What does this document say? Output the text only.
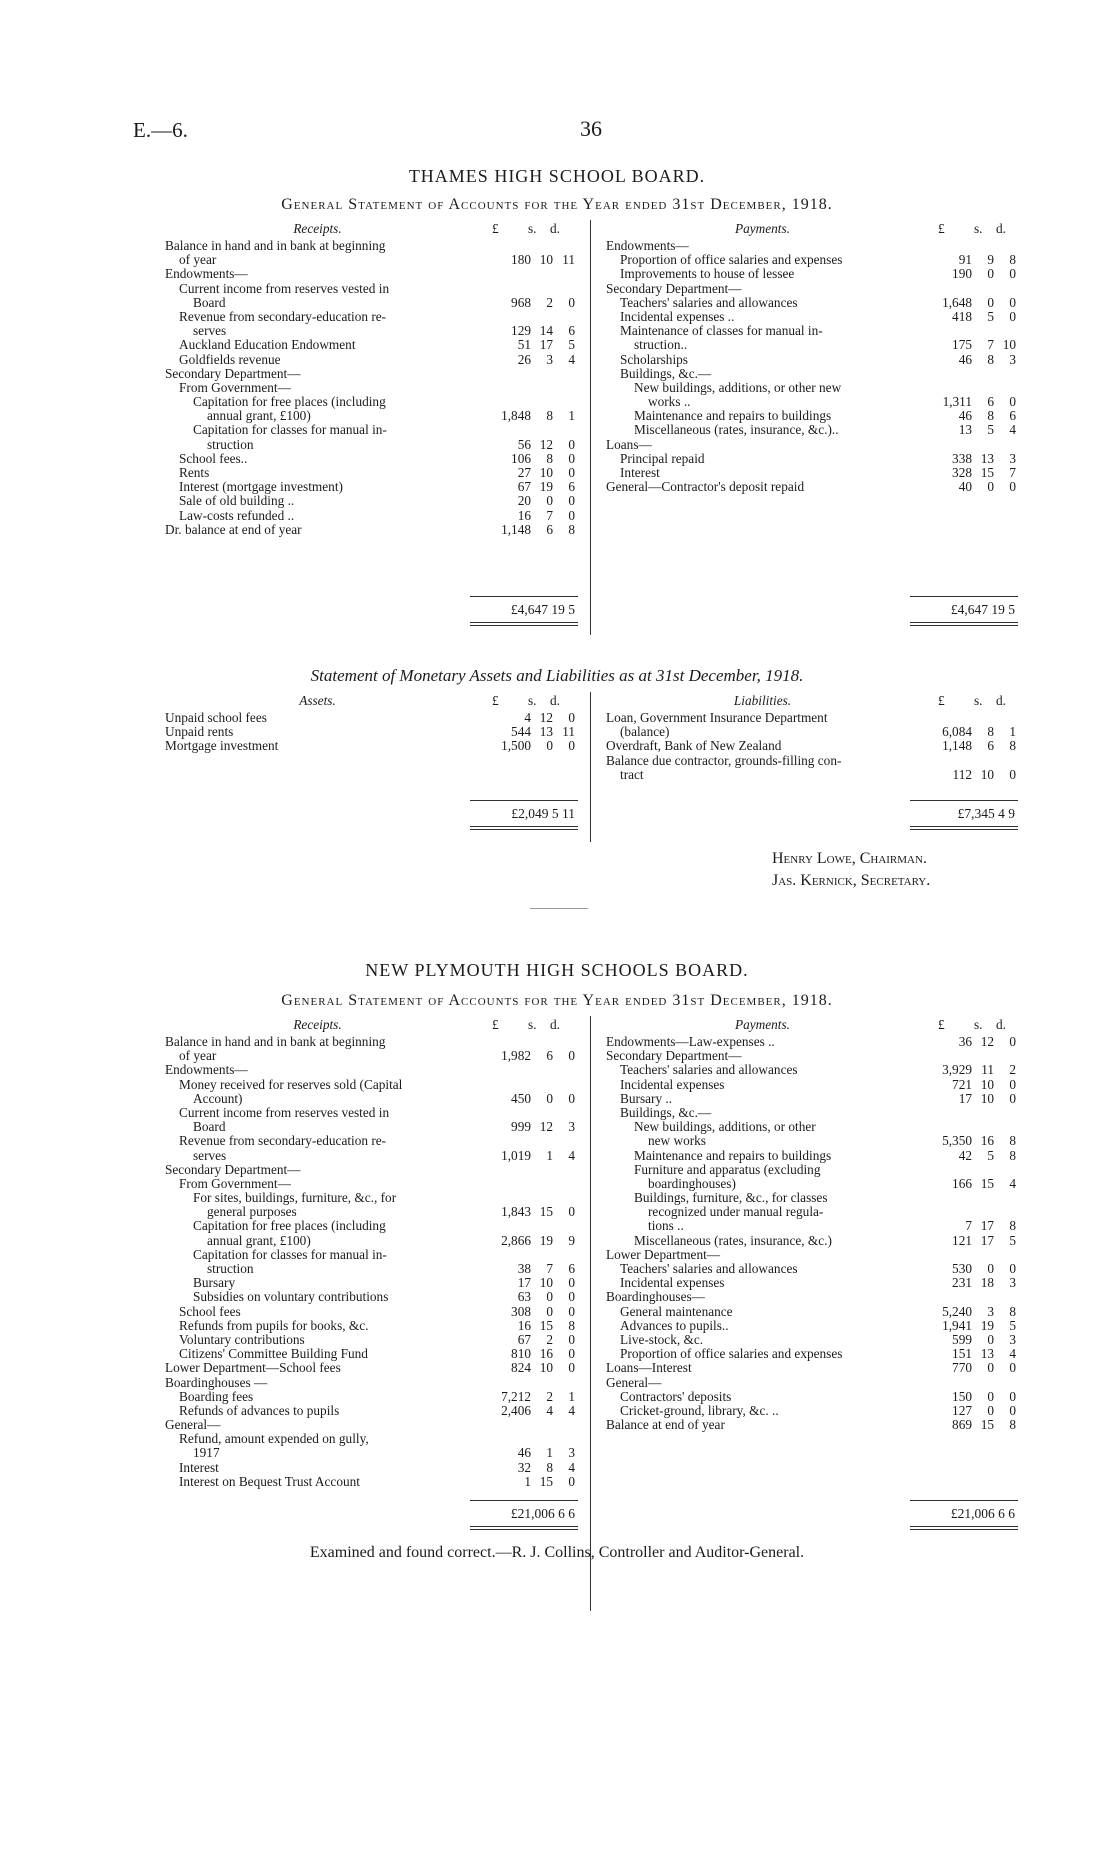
E.—6.	36
THAMES HIGH SCHOOL BOARD.
General Statement of Accounts for the Year ended 31st December, 1918.
Receipts.	£ s. d.	Payments.	£ s. d.
Balance in hand and in bank at beginning
of year	180 10 11
Endowments—
Current income from reserves vested in
Board	968	2	0
Revenue from secondary-education re-
serves	129 14	6
Auckland Education Endowment	51 17	5
Goldfields revenue	26	3	4
Secondary Department—
From Government—
Capitation for free places (including
annual grant, £100)	1,848	8	1
Capitation for classes for manual in-
struction	56 12	0
School fees..	106	8	0
Rents	27 10	0
Interest (mortgage investment)	67 19	6
Sale of old building ..	20	0	0
Law-costs refunded ..	16	7	0
Dr. balance at end of year	1,148	6	8
Endowments—
Proportion of office salaries and expenses	91	9	8
Improvements to house of lessee	190	0	0
Secondary Department—
Teachers' salaries and allowances	1,648	0	0
Incidental expenses ..	418	5	0
Maintenance of classes for manual in-
struction..	175	7 10
Scholarships	46	8	3
Buildings, &c.—
New buildings, additions, or other new
works ..	1,311	6	0
Maintenance and repairs to buildings	46	8	6
Miscellaneous (rates, insurance, &c.)..	13	5	4
Loans—
Principal repaid	338 13	3
Interest	328 15	7
General—Contractor's deposit repaid	40	0	0
£4,647 19 5	£4,647 19 5
Statement of Monetary Assets and Liabilities as at 31st December, 1918.
Assets.	£ s. d.	Liabilities.	£ s. d.
Unpaid school fees	4 12	0
Unpaid rents	544 13 11
Mortgage investment	1,500	0	0
Loan, Government Insurance Department
(balance)	6,084	8	1
Overdraft, Bank of New Zealand	1,148	6	8
Balance due contractor, grounds-filling con-
tract	112 10	0
£2,049 5 11	£7,345 4 9
Henry Lowe, Chairman.
Jas. Kernick, Secretary.
NEW PLYMOUTH HIGH SCHOOLS BOARD.
General Statement of Accounts for the Year ended 31st December, 1918.
Receipts.	£ s. d.	Payments.	£ s. d.
Balance in hand and in bank at beginning
of year	1,982	6	0
Endowments—
Money received for reserves sold (Capital
Account)	450	0	0
Current income from reserves vested in
Board	999 12	3
Revenue from secondary-education re-
serves	1,019	1	4
Secondary Department—
From Government—
For sites, buildings, furniture, &c., for
general purposes	1,843 15	0
Capitation for free places (including
annual grant, £100)	2,866 19	9
Capitation for classes for manual in-
struction	38	7	6
Bursary	17 10	0
Subsidies on voluntary contributions	63	0	0
School fees	308	0	0
Refunds from pupils for books, &c.	16 15	8
Voluntary contributions	67	2	0
Citizens' Committee Building Fund	810 16	0
Lower Department—School fees	824 10	0
Boardinghouses —
Boarding fees	7,212	2	1
Refunds of advances to pupils	2,406	4	4
General—
Refund, amount expended on gully,
1917	46	1	3
Interest	32	8	4
Interest on Bequest Trust Account	1 15	0
Endowments—Law-expenses ..	36 12	0
Secondary Department—
Teachers' salaries and allowances	3,929 11	2
Incidental expenses	721 10	0
Bursary ..	17 10	0
Buildings, &c.—
New buildings, additions, or other
new works	5,350 16	8
Maintenance and repairs to buildings	42	5	8
Furniture and apparatus (excluding
boardinghouses)	166 15	4
Buildings, furniture, &c., for classes
recognized under manual regula-
tions ..	7 17	8
Miscellaneous (rates, insurance, &c.)	121 17	5
Lower Department—
Teachers' salaries and allowances	530	0	0
Incidental expenses	231 18	3
Boardinghouses—
General maintenance	5,240	3	8
Advances to pupils..	1,941 19	5
Live-stock, &c.	599	0	3
Proportion of office salaries and expenses	151 13	4
Loans—Interest	770	0	0
General—
Contractors' deposits	150	0	0
Cricket-ground, library, &c. ..	127	0	0
Balance at end of year	869 15	8
£21,006 6 6	£21,006 6 6
Examined and found correct.—R. J. Collins, Controller and Auditor-General.
